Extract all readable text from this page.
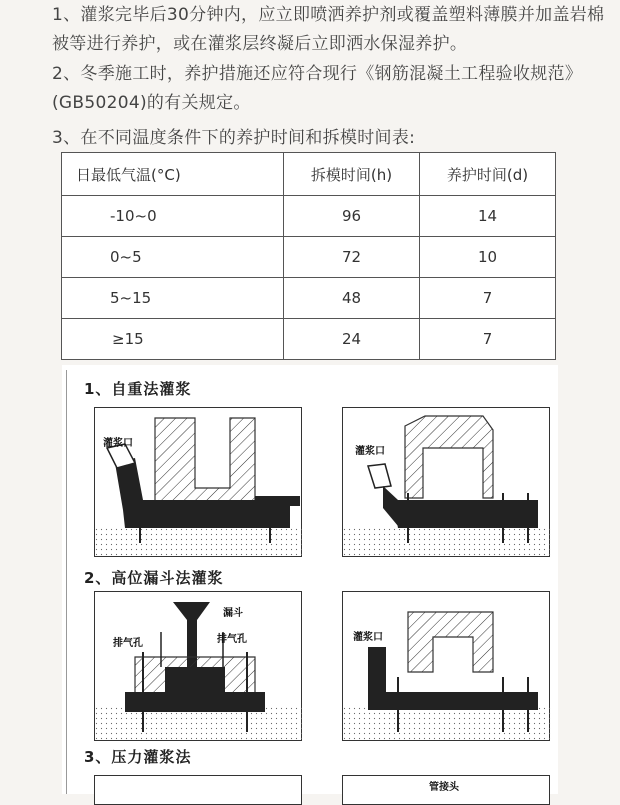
1、灌浆完毕后30分钟内，应立即喷洒养护剂或覆盖塑料薄膜并加盖岩棉被等进行养护，或在灌浆层终凝后立即洒水保湿养护。
2、冬季施工时，养护措施还应符合现行《钢筋混凝土工程验收规范》(GB50204)的有关规定。
3、在不同温度条件下的养护时间和拆模时间表:
日最低气温(°C)	拆模时间(h)	养护时间(d)
-10~0	96	14
0~5	72	10
5~15	48	7
≥15	24	7
1、自重法灌浆
2、高位漏斗法灌浆
3、压力灌浆法
灌浆口
灌浆口
漏斗
排气孔	排气孔	灌浆口
管接头
